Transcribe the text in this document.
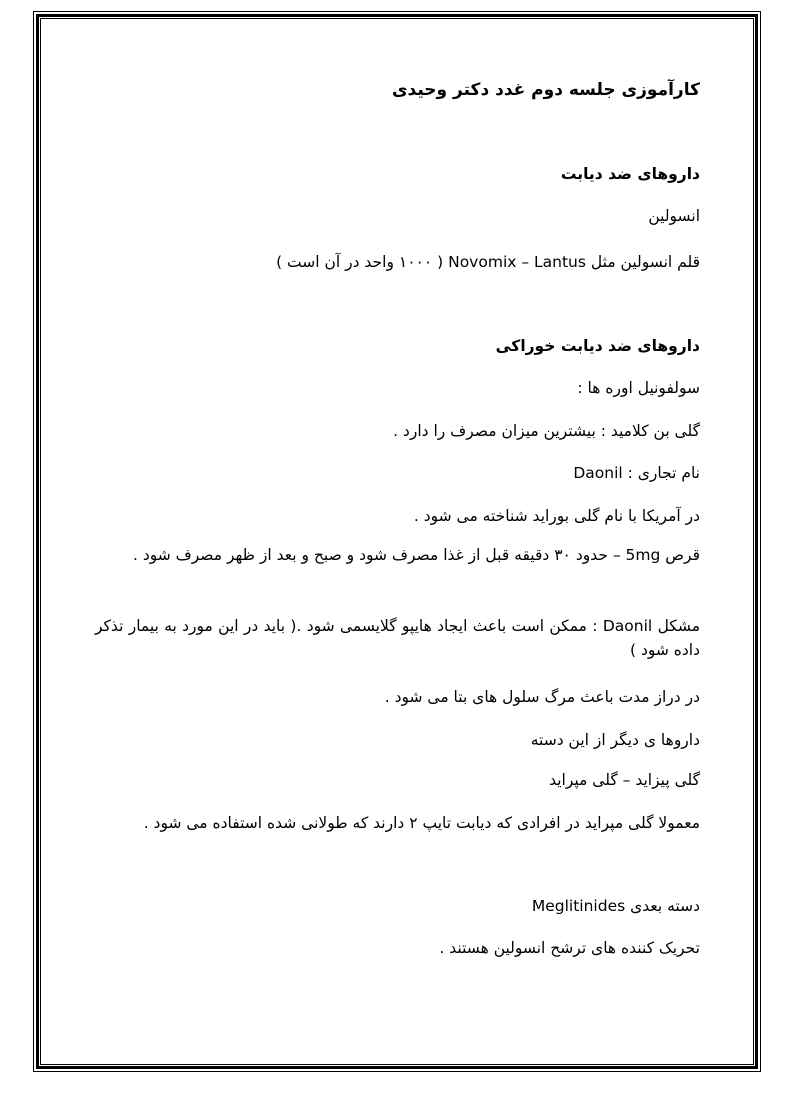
کارآموزی جلسه دوم غدد دکتر وحیدی
داروهای ضد دیابت
انسولین
قلم انسولین مثل Novomix – Lantus ( ۱۰۰۰ واحد در آن است )
داروهای ضد دیابت خوراکی
سولفونیل اوره ها :
گلی بن کلامید : بیشترین میزان مصرف را دارد .
نام تجاری : Daonil
در آمریکا با نام گلی بوراید شناخته می شود .
قرص 5mg – حدود ۳۰ دقیقه قبل از غذا مصرف شود و صبح و بعد از ظهر مصرف شود .
مشکل Daonil : ممکن است باعث ایجاد هایپو گلایسمی شود .( باید در این مورد به بیمار تذکر داده شود )
در دراز مدت باعث مرگ سلول های بتا می شود .
داروها ی دیگر از این دسته
گلی پیزاید – گلی مپراید
معمولا گلی مپراید در افرادی که دیابت تایپ ۲ دارند که طولانی شده استفاده می شود .
دسته بعدی Meglitinides
تحریک کننده های ترشح انسولین هستند .
